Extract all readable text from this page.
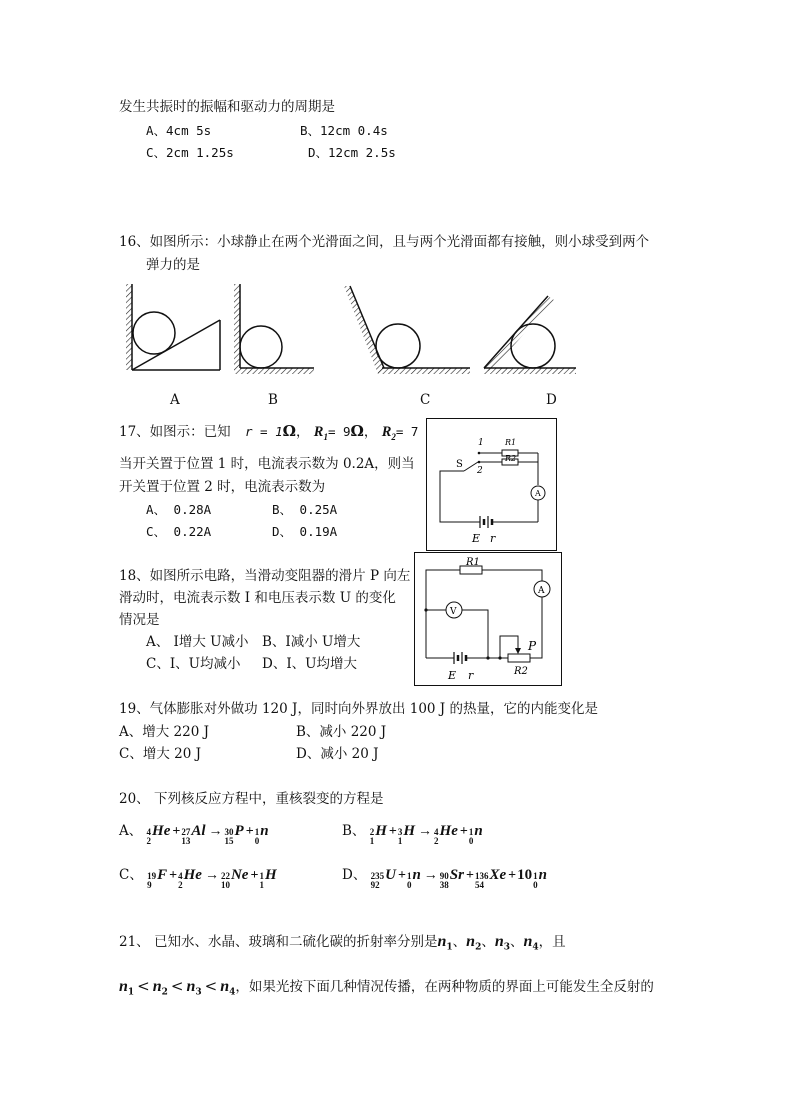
发生共振时的振幅和驱动力的周期是
A、4cm 5s	B、12cm 0.4s
C、2cm 1.25s	D、12cm 2.5s
16、如图所示：小球静止在两个光滑面之间，且与两个光滑面都有接触，则小球受到两个
弹力的是
A	B	C	D
17、如图示：已知 r = 1Ω， $R_1= 9\Omega$， $R_2= 7$
当开关置于位置 1 时，电流表示数为 0.2A，则当
开关置于位置 2 时，电流表示数为
A、 0.28A	B、 0.25A
C、 0.22A	D、 0.19A
1
2
S
R1
R2
A
E r
18、如图所示电路，当滑动变阻器的滑片 P 向左
滑动时，电流表示数 I 和电压表示数 U 的变化
情况是
A、 I增大 U减小 B、I减小 U增大
C、I、U均减小 D、I、U均增大
R1
R2
P
V
A
E r
19、气体膨胀对外做功 120 J，同时向外界放出 100 J 的热量，它的内能变化是
A、增大 220 J	B、减小 220 J
C、增大 20 J	D、减小 20 J
20、 下列核反应方程中，重核裂变的方程是
A、 4
2
He + 27
13
Al → 30
15
P + 1
0
n	B、 2
1
H + 3
1
H → 4
2
He + 1
0
n
C、 19
9
F + 4
2
He → 22
10
Ne + 1
1
H	D、 235
92
U + 1
0
n → 90
38
Sr + 136
54
Xe + 10 1
0
n
21、 已知水、水晶、玻璃和二硫化碳的折射率分别是$n_1$、$n_2$、$n_3$、$n_4$，且
$n_1 < n_2 < n_3 < n_4$，如果光按下面几种情况传播，在两种物质的界面上可能发生全反射的
